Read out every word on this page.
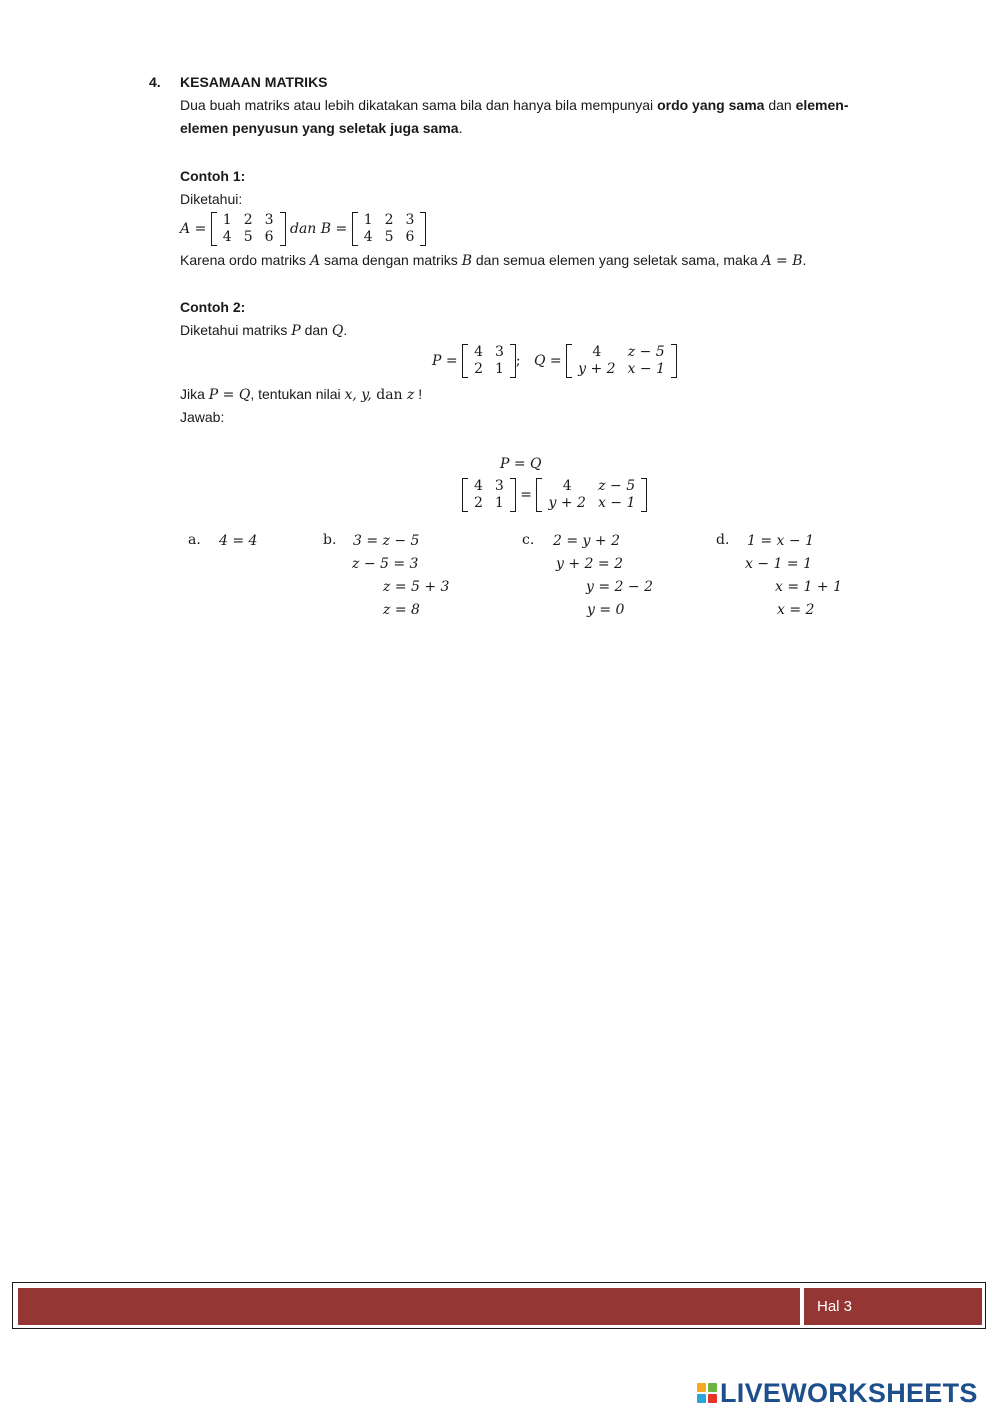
4. KESAMAAN MATRIKS
Dua buah matriks atau lebih dikatakan sama bila dan hanya bila mempunyai ordo yang sama dan elemen-
elemen penyusun yang seletak juga sama.
Contoh 1:
Diketahui:
A =
1	2	3
4	5	6 dan B =
1	2	3
4	5	6
Karena ordo matriks A sama dengan matriks B dan semua elemen yang seletak sama, maka A = B.
Contoh 2:
Diketahui matriks P dan Q.
P =
4	3
2	1 ; Q =
4	z − 5
y + 2	x − 1
Jika P = Q, tentukan nilai x, y, dan z !
Jawab:
P = Q
4	3
2	1 =
4	z − 5
y + 2	x − 1
a. 4 = 4	b. 3 = z − 5
z − 5 = 3
z = 5 + 3
z = 8
c. 2 = y + 2
y + 2 = 2
y = 2 − 2
y = 0
d. 1 = x − 1
x − 1 = 1
x = 1 + 1
x = 2
Hal 3
LIVEWORKSHEETS
